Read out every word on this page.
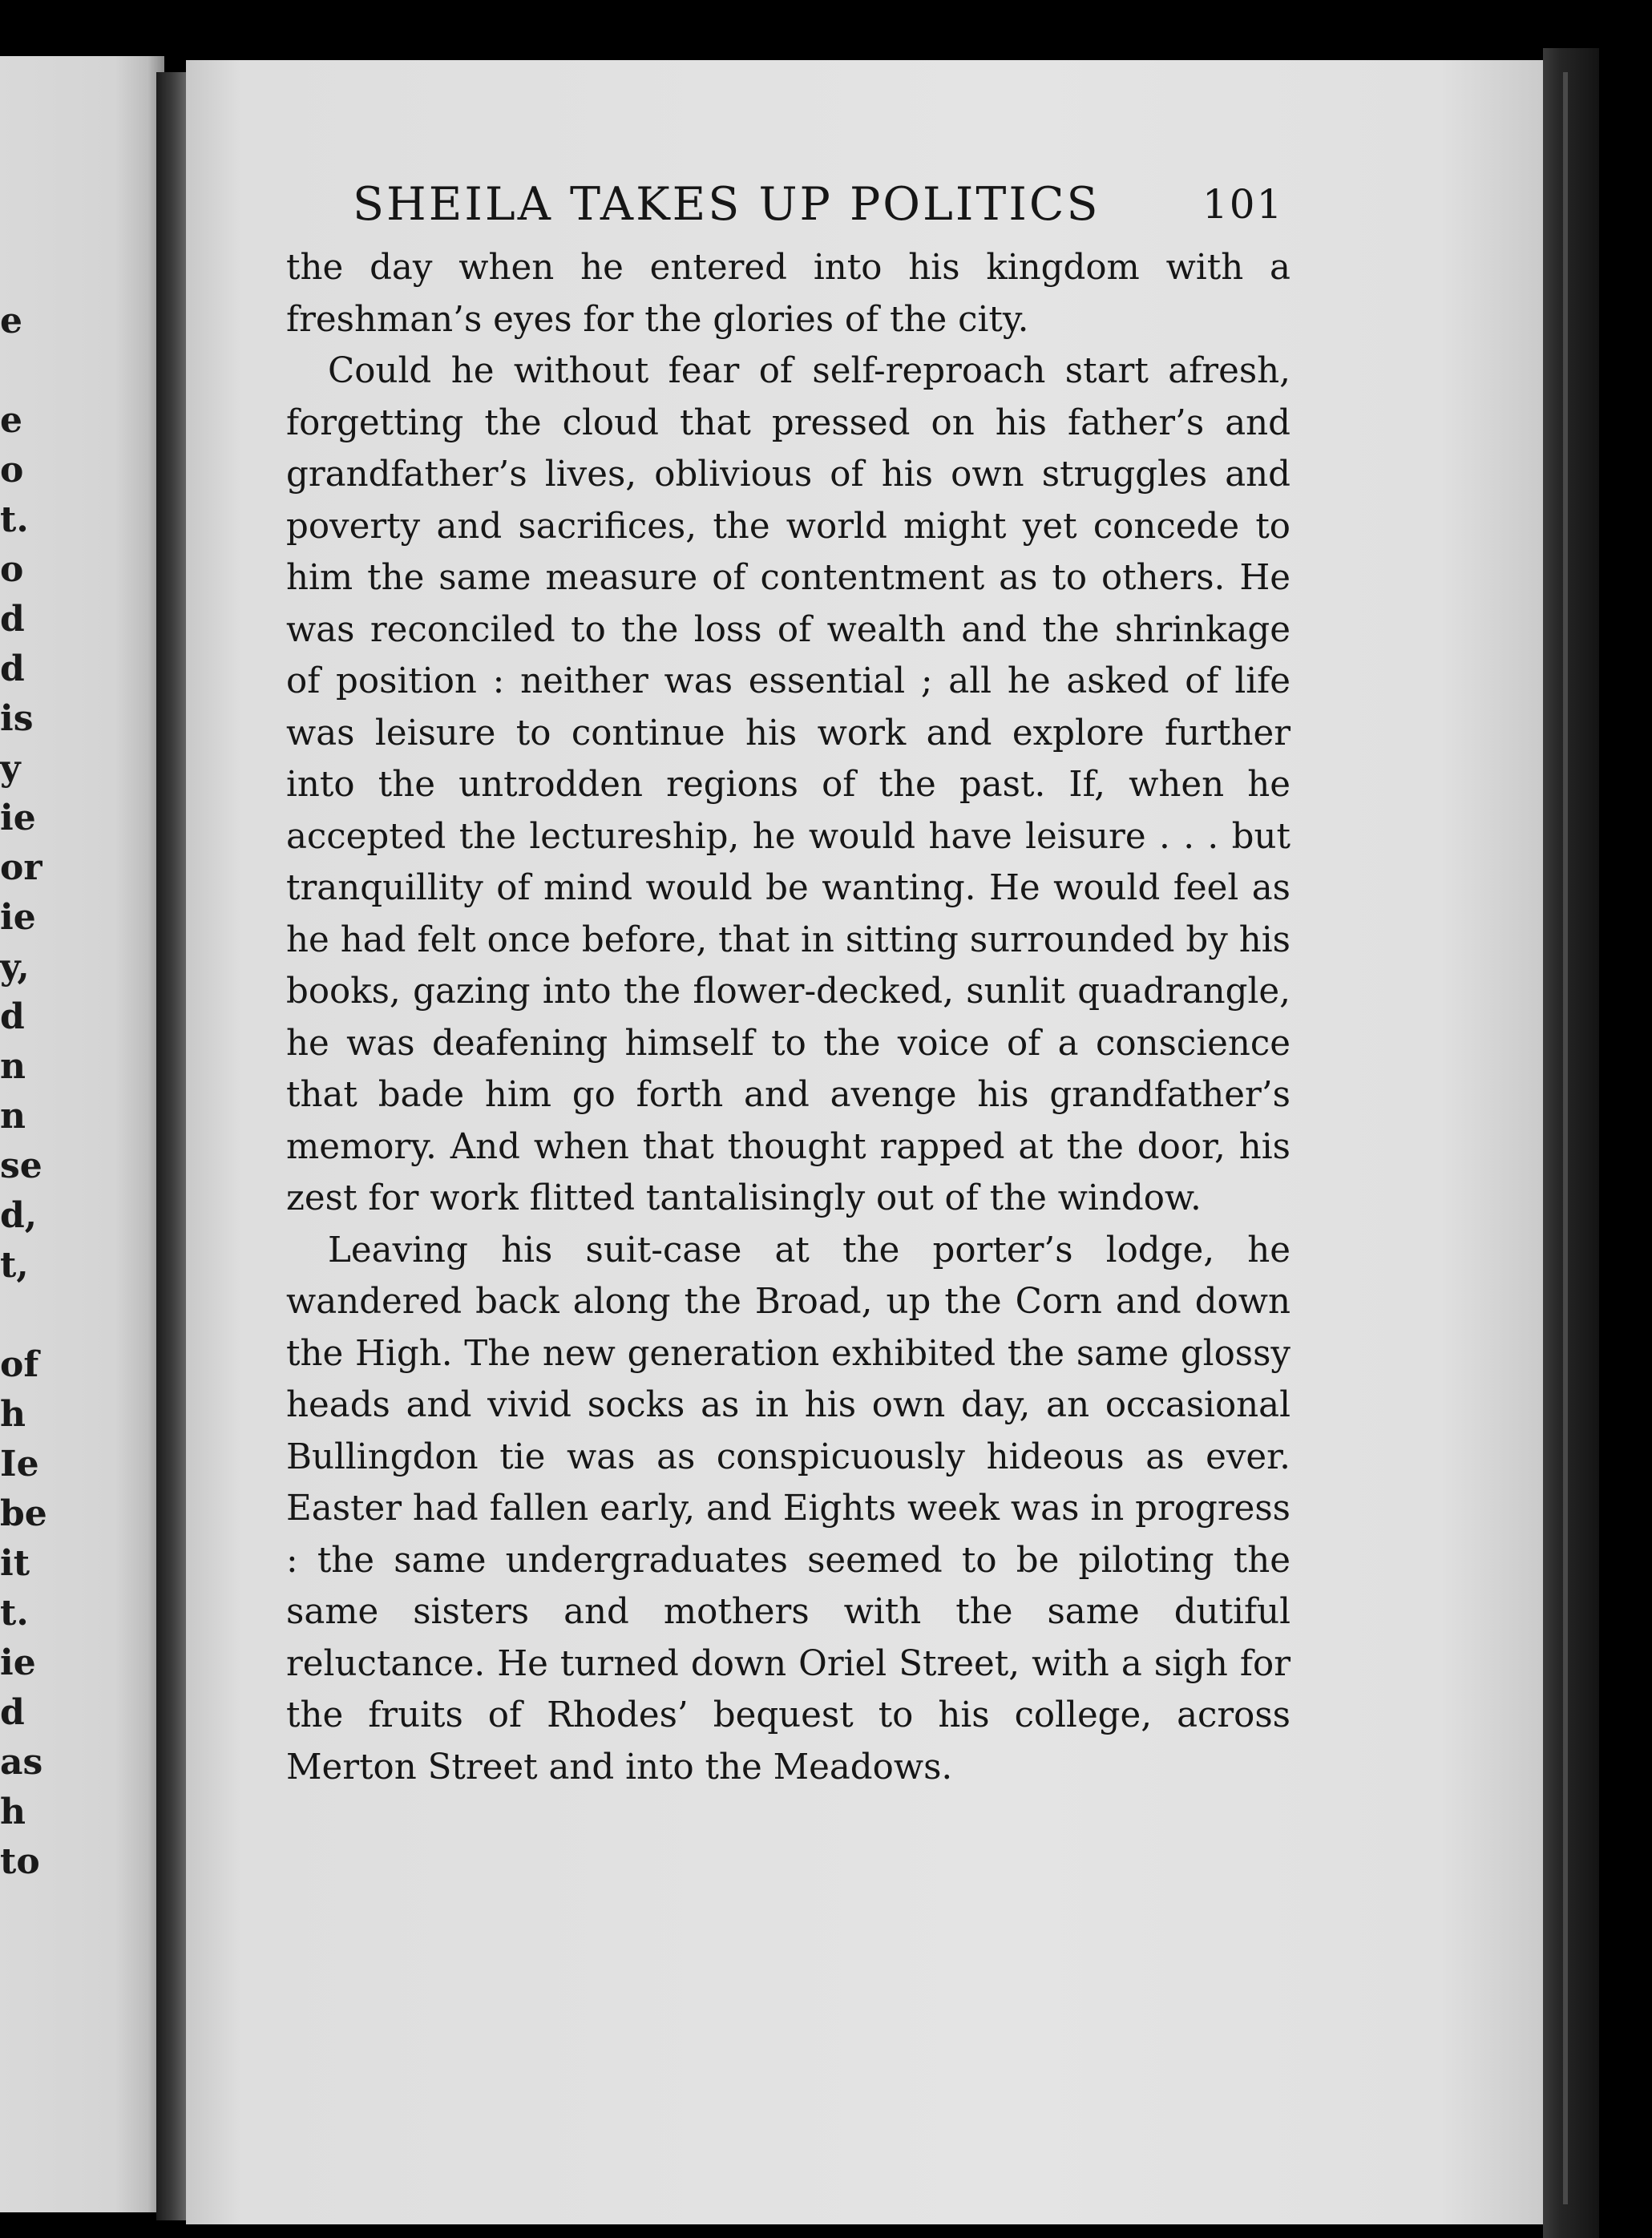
e
e
o
t.
o
d
d
is
y
ie
or
ie
y,
d
n
n
se
d,
t,
of
h
Ie
be
it
t.
ie
d
as
h
to
SHEILA TAKES UP POLITICS	101

the day when he entered into his kingdom with a freshman’s eyes for the glories of the city.

Could he without fear of self-reproach start afresh, forgetting the cloud that pressed on his father’s and grandfather’s lives, oblivious of his own struggles and poverty and sacrifices, the world might yet concede to him the same measure of contentment as to others. He was reconciled to the loss of wealth and the shrinkage of position : neither was essential ; all he asked of life was leisure to continue his work and explore further into the untrodden regions of the past. If, when he accepted the lectureship, he would have leisure . . . but tranquillity of mind would be wanting. He would feel as he had felt once before, that in sitting surrounded by his books, gazing into the flower-decked, sunlit quadrangle, he was deafening himself to the voice of a conscience that bade him go forth and avenge his grandfather’s memory. And when that thought rapped at the door, his zest for work flitted tantalisingly out of the window.

Leaving his suit-case at the porter’s lodge, he wandered back along the Broad, up the Corn and down the High. The new generation exhibited the same glossy heads and vivid socks as in his own day, an occasional Bullingdon tie was as conspicuously hideous as ever. Easter had fallen early, and Eights week was in progress : the same undergraduates seemed to be piloting the same sisters and mothers with the same dutiful reluctance. He turned down Oriel Street, with a sigh for the fruits of Rhodes’ bequest to his college, across Merton Street and into the Meadows.
